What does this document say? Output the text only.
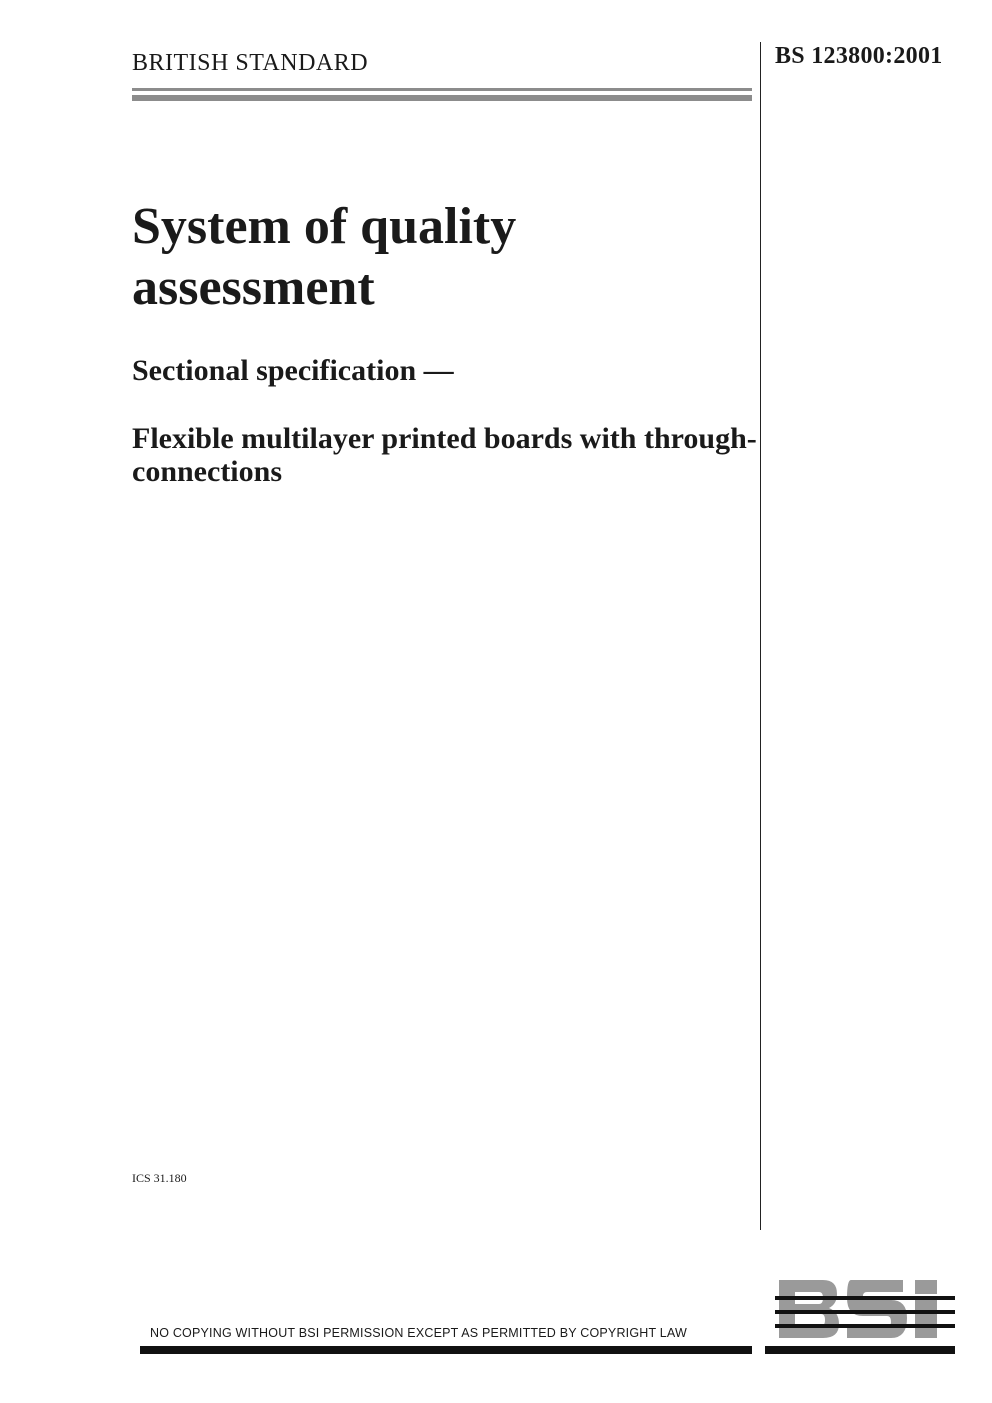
BRITISH STANDARD	BS 123800:2001
System of quality assessment
Sectional specification —
Flexible multilayer printed boards with through-connections
ICS 31.180
NO COPYING WITHOUT BSI PERMISSION EXCEPT AS PERMITTED BY COPYRIGHT LAW
